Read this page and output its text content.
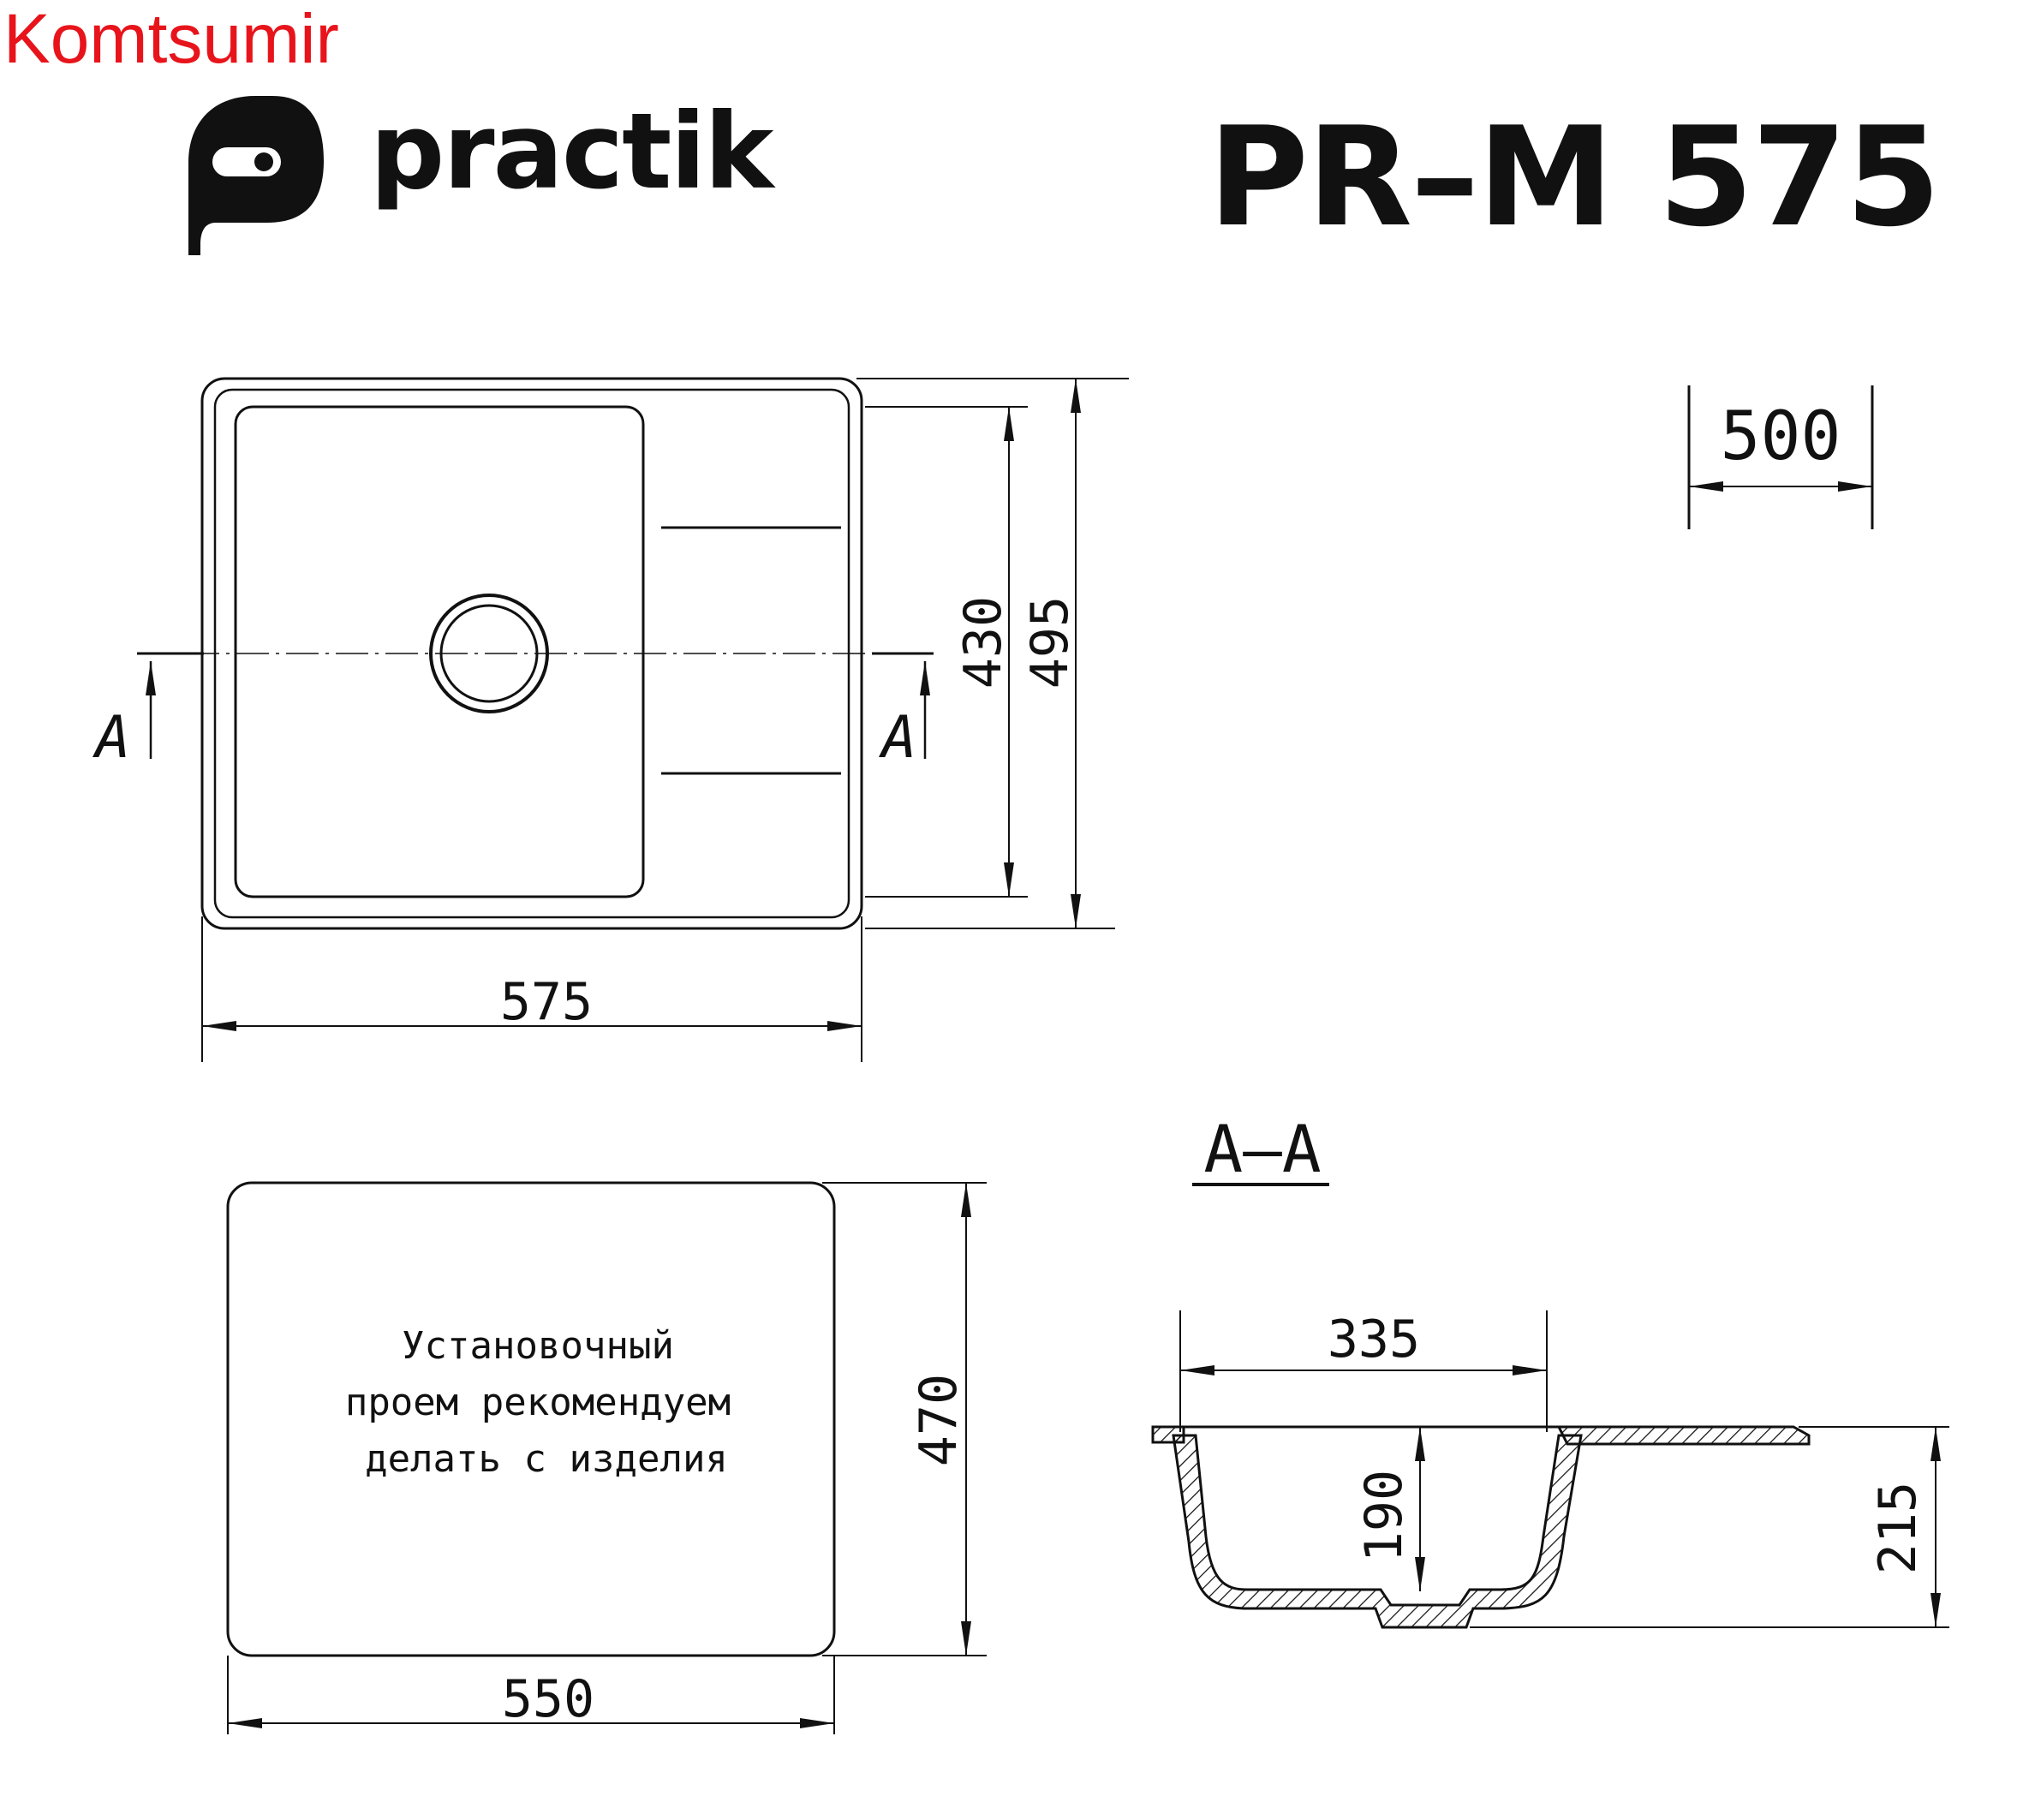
Komtsumir
A	A
575
430 495
500
Установочный
проем рекомендуем
делать с изделия
550
470
A–A
335
190	215
practik	PR–M 575
